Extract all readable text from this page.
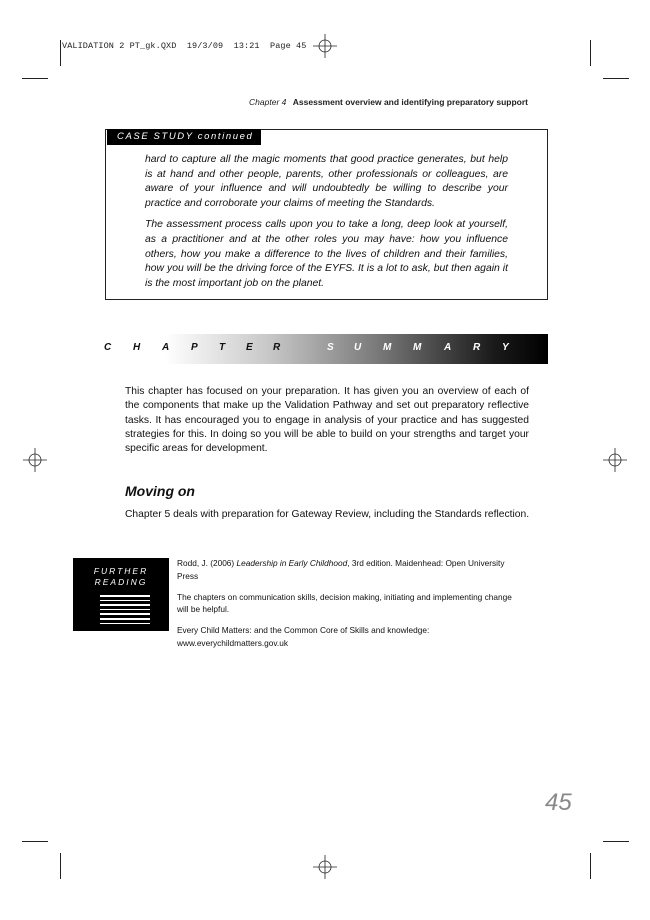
VALIDATION 2 PT_gk.QXD  19/3/09  13:21  Page 45
Chapter 4 Assessment overview and identifying preparatory support
CASE STUDY continued

hard to capture all the magic moments that good practice generates, but help is at hand and other people, parents, other professionals or colleagues, are aware of your influence and will undoubtedly be willing to describe your practice and corroborate your claims of meeting the Standards.

The assessment process calls upon you to take a long, deep look at yourself, as a practitioner and at the other roles you may have: how you influence others, how you make a difference to the lives of children and their families, how you will be the driving force of the EYFS. It is a lot to ask, but then again it is the most important job on the planet.

C H A P T E R	S U M M A R Y
This chapter has focused on your preparation. It has given you an overview of each of the components that make up the Validation Pathway and set out preparatory reflective tasks. It has encouraged you to engage in analysis of your practice and has suggested strategies for this. In doing so you will be able to build on your strengths and target your specific areas for development.
Moving on
Chapter 5 deals with preparation for Gateway Review, including the Standards reflection.
FURTHER
READING

Rodd, J. (2006) Leadership in Early Childhood, 3rd edition. Maidenhead: Open University Press

The chapters on communication skills, decision making, initiating and implementing change will be helpful.

Every Child Matters: and the Common Core of Skills and knowledge: www.everychildmatters.gov.uk

45
